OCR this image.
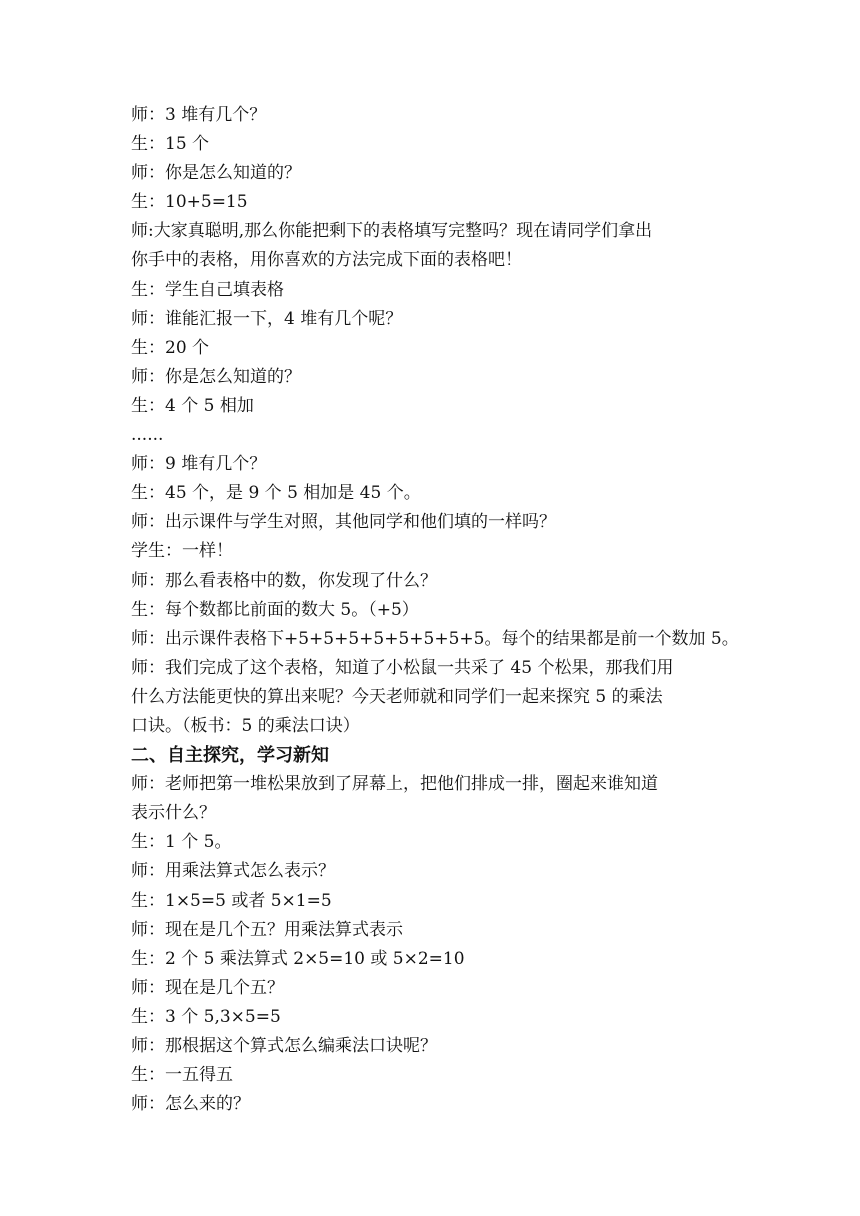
师：3 堆有几个？
生：15 个
师：你是怎么知道的？
生：10+5=15
师:大家真聪明,那么你能把剩下的表格填写完整吗？现在请同学们拿出
你手中的表格，用你喜欢的方法完成下面的表格吧！
生：学生自己填表格
师：谁能汇报一下，4 堆有几个呢？
生：20 个
师：你是怎么知道的？
生：4 个 5 相加
......
师：9 堆有几个？
生：45 个，是 9 个 5 相加是 45 个。
师：出示课件与学生对照，其他同学和他们填的一样吗？
学生：一样！
师：那么看表格中的数，你发现了什么？
生：每个数都比前面的数大 5。（+5）
师：出示课件表格下+5+5+5+5+5+5+5+5。每个的结果都是前一个数加 5。
师：我们完成了这个表格，知道了小松鼠一共采了 45 个松果，那我们用
什么方法能更快的算出来呢？今天老师就和同学们一起来探究 5 的乘法
口诀。（板书：5 的乘法口诀）
二、自主探究，学习新知
师：老师把第一堆松果放到了屏幕上，把他们排成一排，圈起来谁知道
表示什么？
生：1 个 5。
师：用乘法算式怎么表示？
生：1×5=5 或者 5×1=5
师：现在是几个五？用乘法算式表示
生：2 个 5 乘法算式 2×5=10 或 5×2=10
师：现在是几个五？
生：3 个 5,3×5=5
师：那根据这个算式怎么编乘法口诀呢？
生：一五得五
师：怎么来的？
